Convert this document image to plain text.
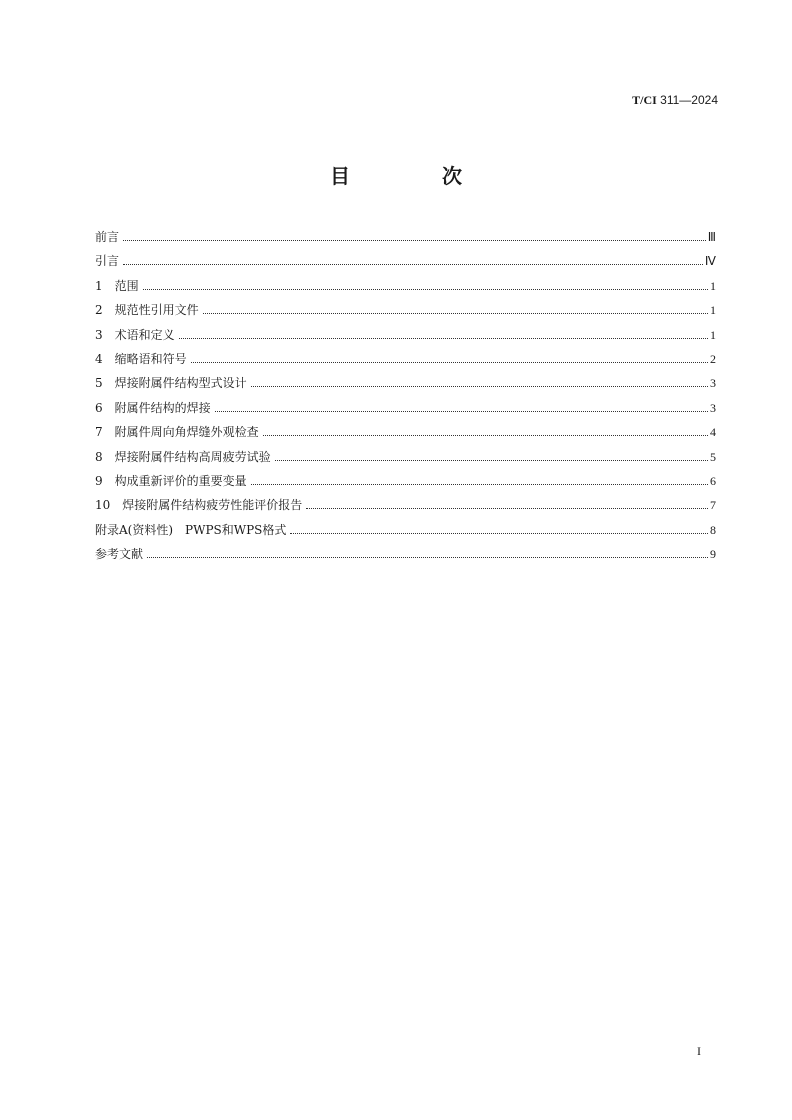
T/CI 311—2024
目　次
前言	Ⅲ
引言	Ⅳ
1　范围	1
2　规范性引用文件	1
3　术语和定义	1
4　缩略语和符号	2
5　焊接附属件结构型式设计	3
6　附属件结构的焊接	3
7　附属件周向角焊缝外观检查	4
8　焊接附属件结构高周疲劳试验	5
9　构成重新评价的重要变量	6
10　焊接附属件结构疲劳性能评价报告	7
附录A(资料性)　PWPS和WPS格式	8
参考文献	9
I
